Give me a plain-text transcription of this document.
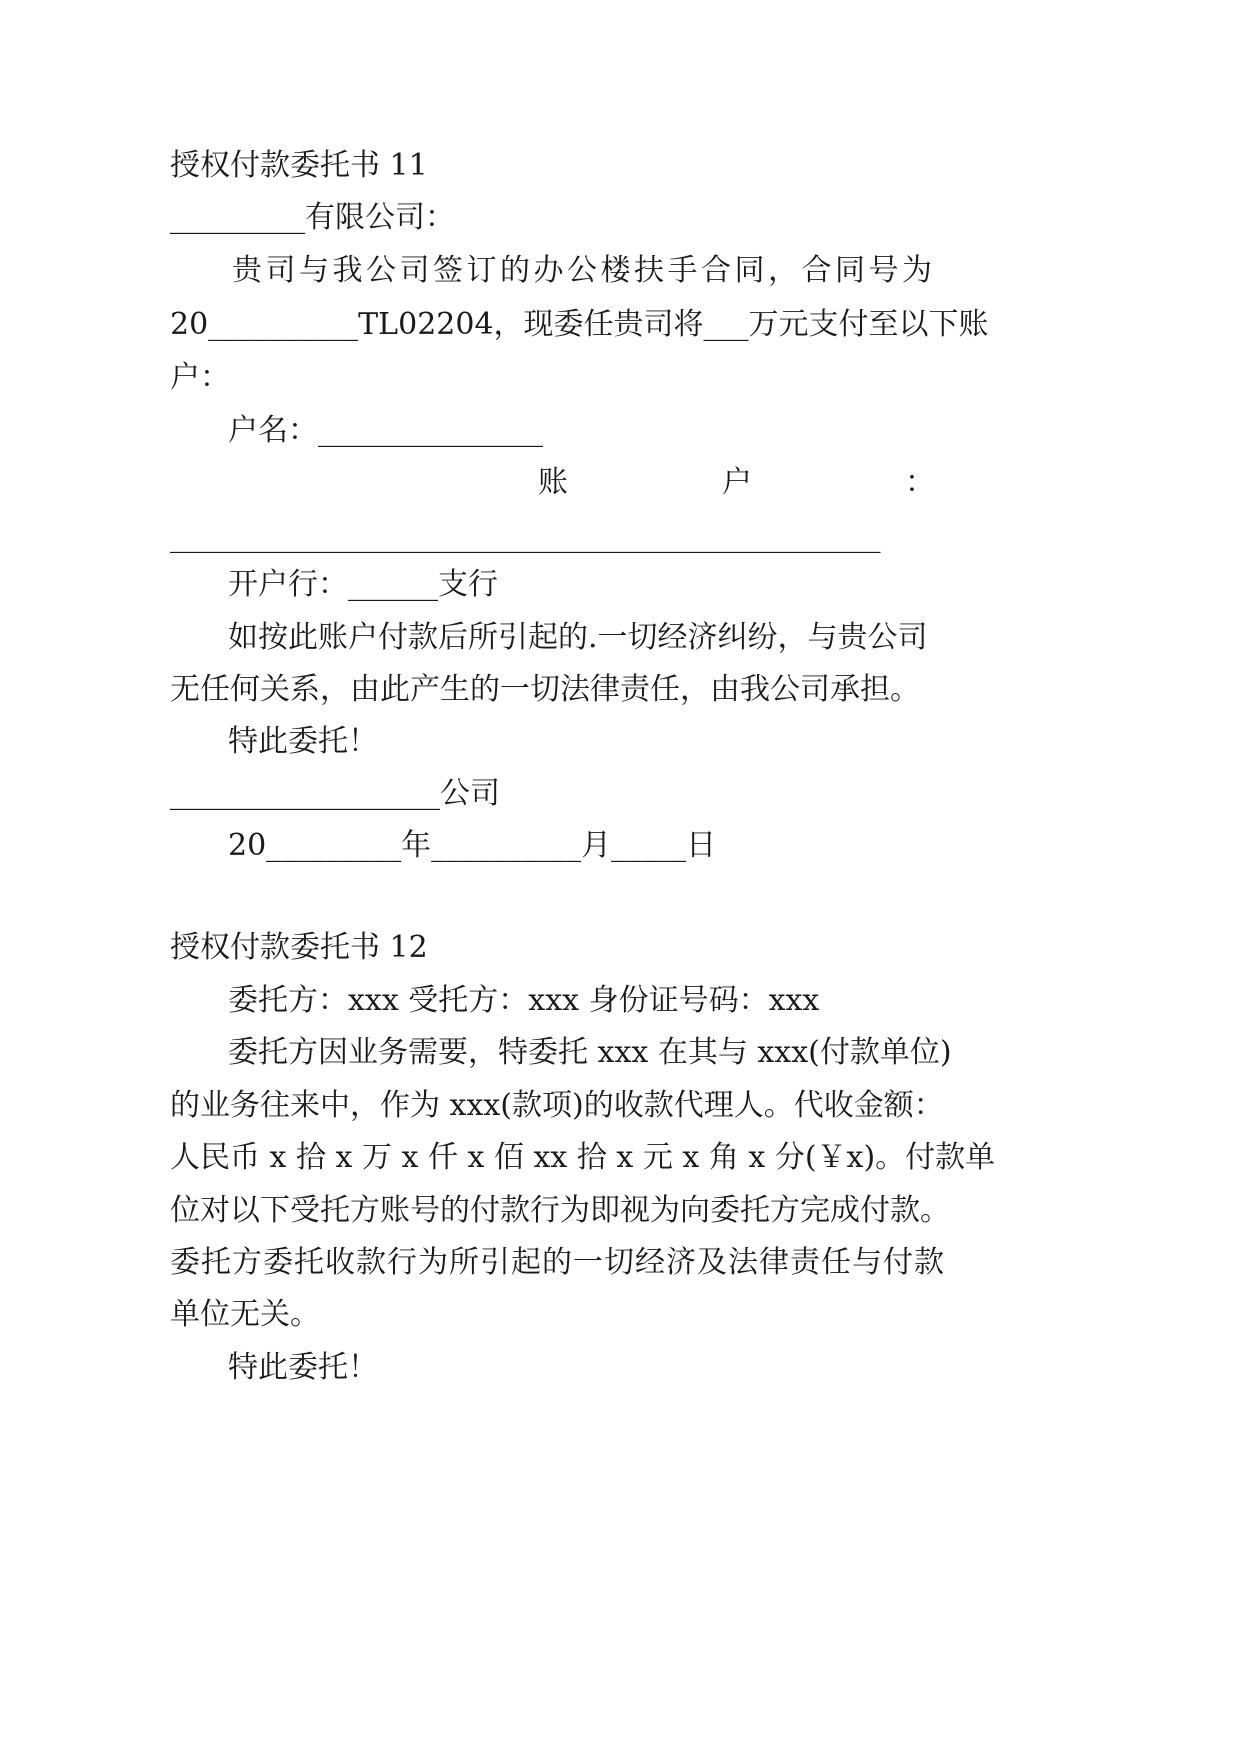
授权付款委托书 11
_________有限公司：
贵司与我公司签订的办公楼扶手合同，合同号为
20__________TL02204，现委任贵司将___万元支付至以下账
户：
户名：_______________
账	户	：
_________________________________________________
开户行：______支行
如按此账户付款后所引起的.一切经济纠纷，与贵公司
无任何关系，由此产生的一切法律责任，由我公司承担。
特此委托！
__________________公司
20_________年__________月_____日
授权付款委托书 12
委托方：xxx 受托方：xxx 身份证号码：xxx
委托方因业务需要，特委托 xxx 在其与 xxx(付款单位)
的业务往来中，作为 xxx(款项)的收款代理人。代收金额：
人民币 x 拾 x 万 x 仟 x 佰 xx 拾 x 元 x 角 x 分(￥x)。付款单
位对以下受托方账号的付款行为即视为向委托方完成付款。
委托方委托收款行为所引起的一切经济及法律责任与付款
单位无关。
特此委托！
